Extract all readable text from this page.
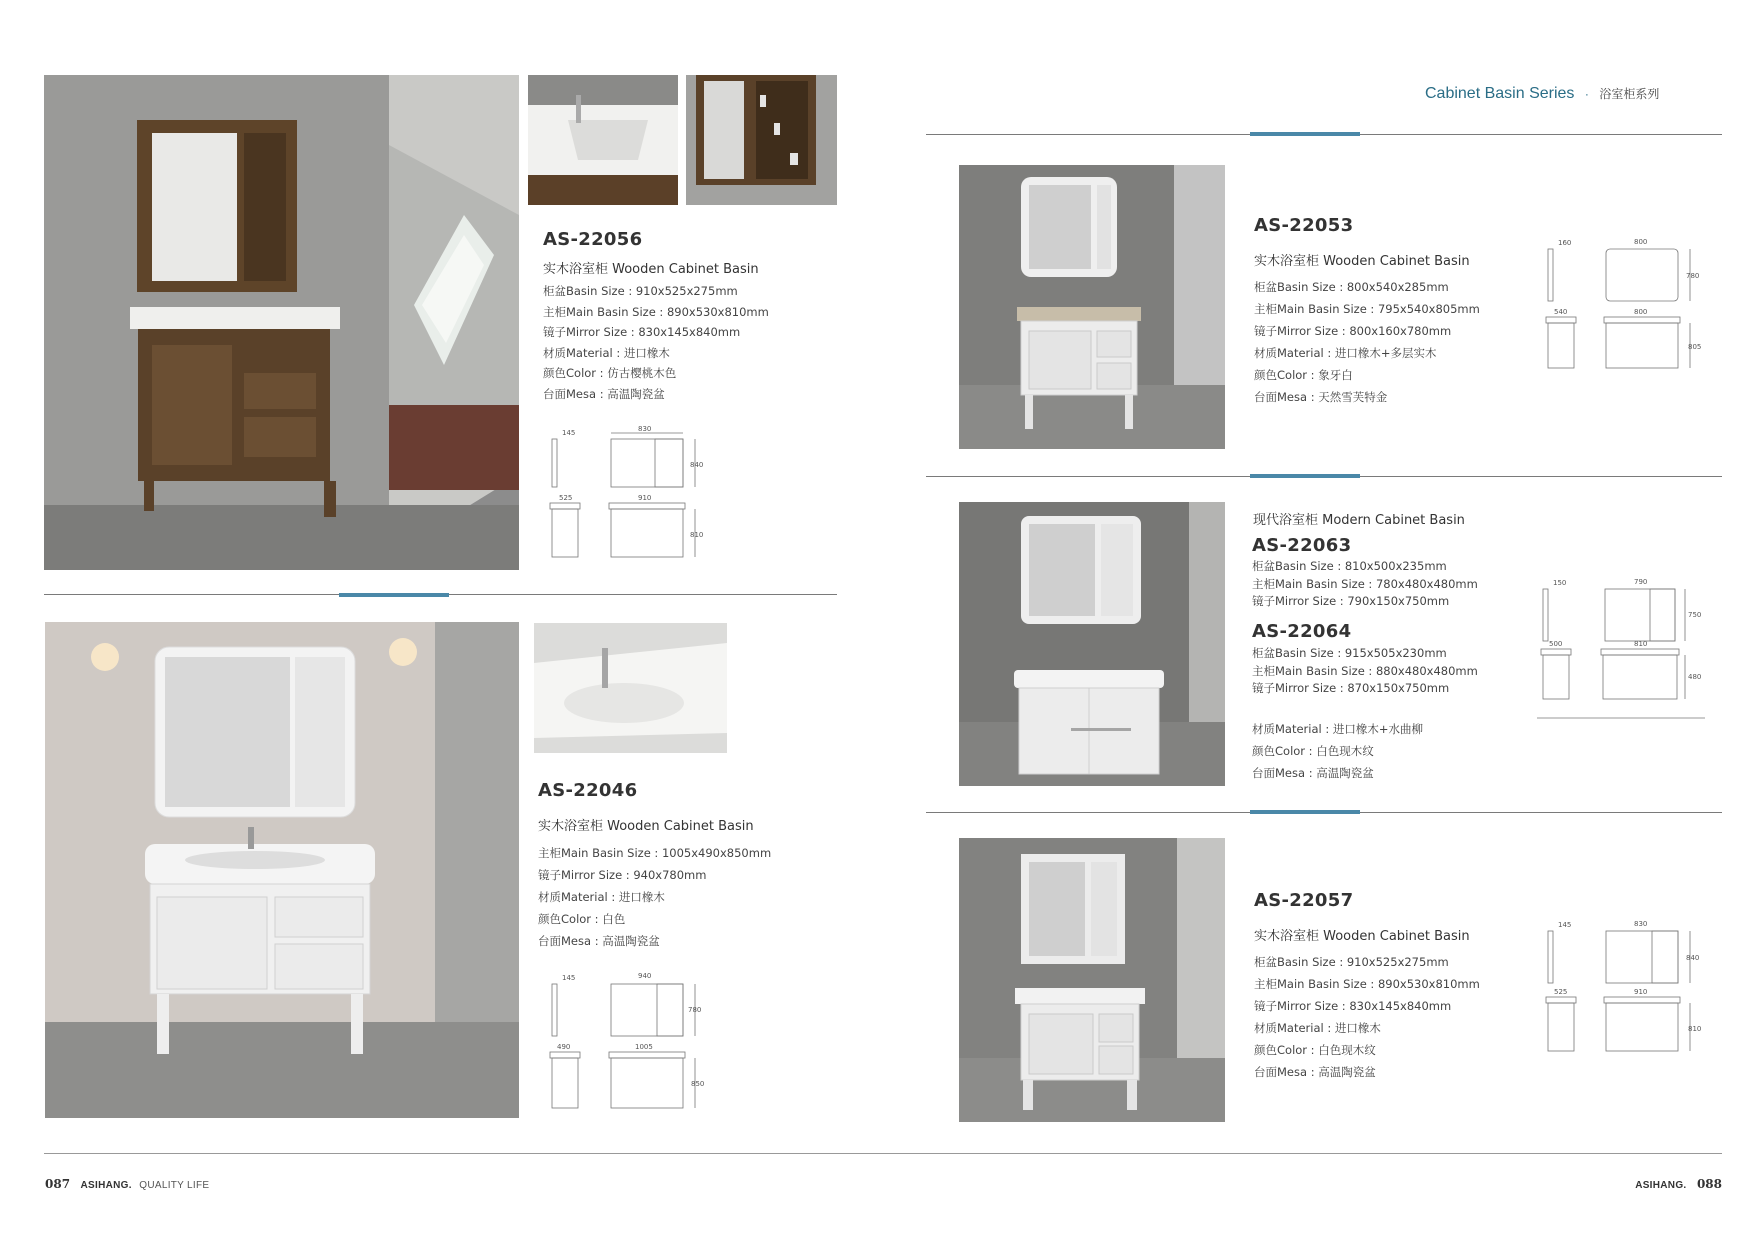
AS-22056
实木浴室柜 Wooden Cabinet Basin
柜盆Basin Size : 910x525x275mm
主柜Main Basin Size : 890x530x810mm
镜子Mirror Size : 830x145x840mm
材质Material : 进口橡木
颜色Color : 仿古樱桃木色
台面Mesa : 高温陶瓷盆
145	830
840
525	910
810
AS-22046
实木浴室柜 Wooden Cabinet Basin
主柜Main Basin Size : 1005x490x850mm
镜子Mirror Size : 940x780mm
材质Material : 进口橡木
颜色Color : 白色
台面Mesa : 高温陶瓷盆
145	940
780
490	1005
850
Cabinet Basin Series · 浴室柜系列
AS-22053
实木浴室柜 Wooden Cabinet Basin
柜盆Basin Size : 800x540x285mm
主柜Main Basin Size : 795x540x805mm
镜子Mirror Size : 800x160x780mm
材质Material : 进口橡木+多层实木
颜色Color : 象牙白
台面Mesa : 天然雪芙特金
160	800
780
540	800
805
现代浴室柜 Modern Cabinet Basin
AS-22063
柜盆Basin Size : 810x500x235mm
主柜Main Basin Size : 780x480x480mm
镜子Mirror Size : 790x150x750mm
AS-22064
柜盆Basin Size : 915x505x230mm
主柜Main Basin Size : 880x480x480mm
镜子Mirror Size : 870x150x750mm
材质Material : 进口橡木+水曲柳
颜色Color : 白色现木纹
台面Mesa : 高温陶瓷盆
150	790
750
500	810
480
AS-22057
实木浴室柜 Wooden Cabinet Basin
柜盆Basin Size : 910x525x275mm
主柜Main Basin Size : 890x530x810mm
镜子Mirror Size : 830x145x840mm
材质Material : 进口橡木
颜色Color : 白色现木纹
台面Mesa : 高温陶瓷盆
145	830
840
525	910
810
087 ASIHANG. QUALITY LIFE	ASIHANG. 088
